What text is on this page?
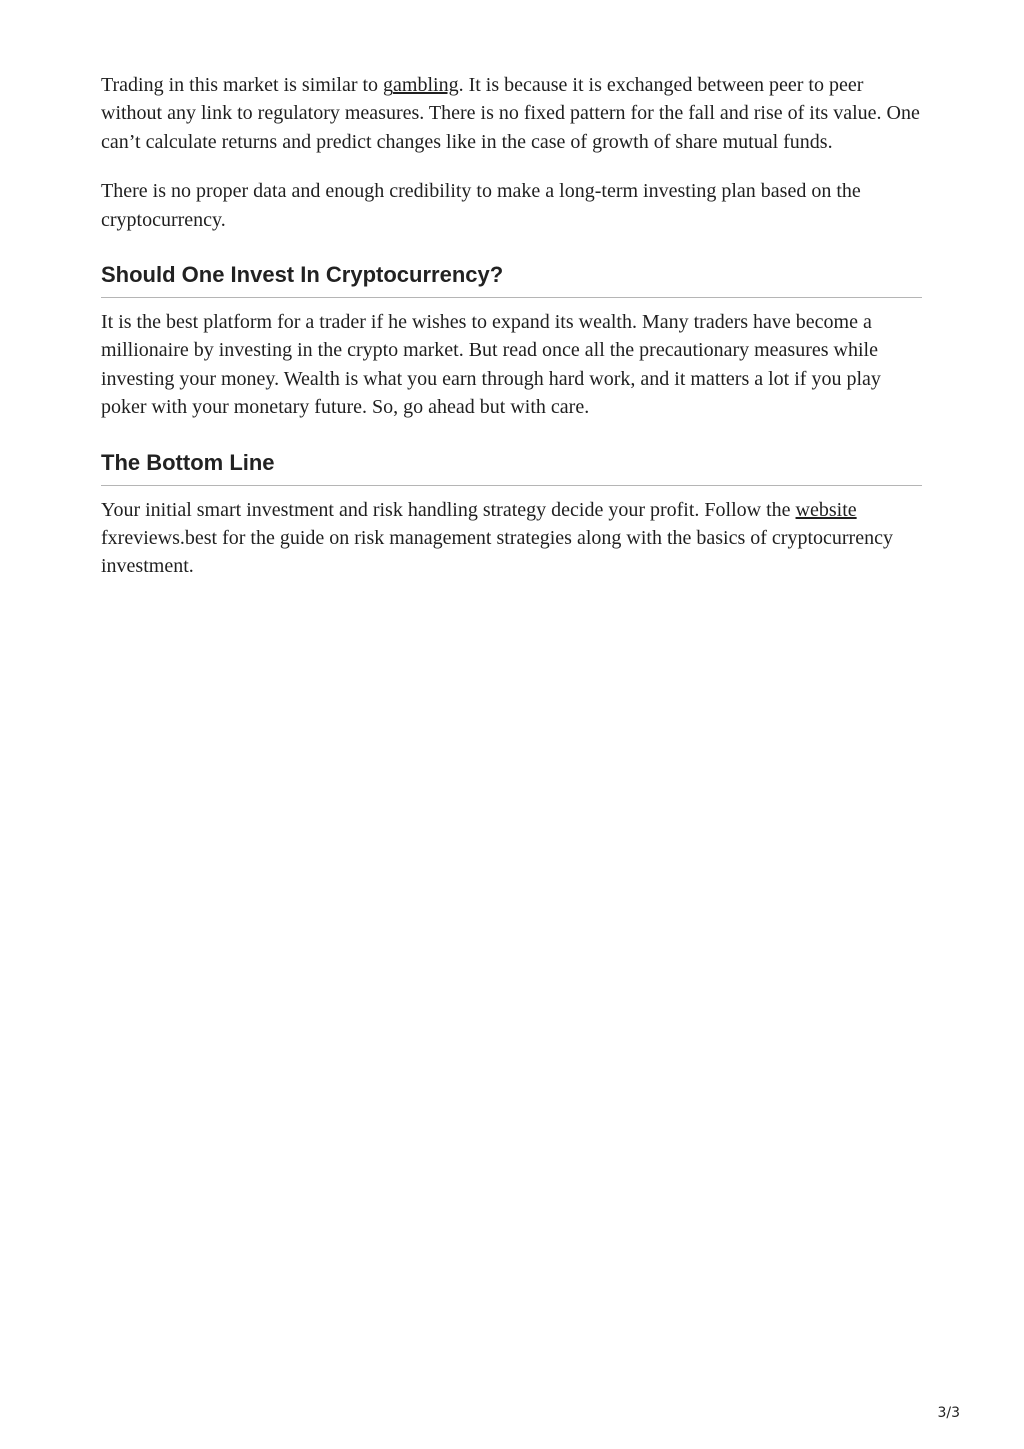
Trading in this market is similar to gambling. It is because it is exchanged between peer to peer without any link to regulatory measures. There is no fixed pattern for the fall and rise of its value. One can’t calculate returns and predict changes like in the case of growth of share mutual funds.

There is no proper data and enough credibility to make a long-term investing plan based on the cryptocurrency.

Should One Invest In Cryptocurrency?

It is the best platform for a trader if he wishes to expand its wealth. Many traders have become a millionaire by investing in the crypto market. But read once all the precautionary measures while investing your money. Wealth is what you earn through hard work, and it matters a lot if you play poker with your monetary future. So, go ahead but with care.

The Bottom Line

Your initial smart investment and risk handling strategy decide your profit. Follow the website fxreviews.best for the guide on risk management strategies along with the basics of cryptocurrency investment.

3/3
